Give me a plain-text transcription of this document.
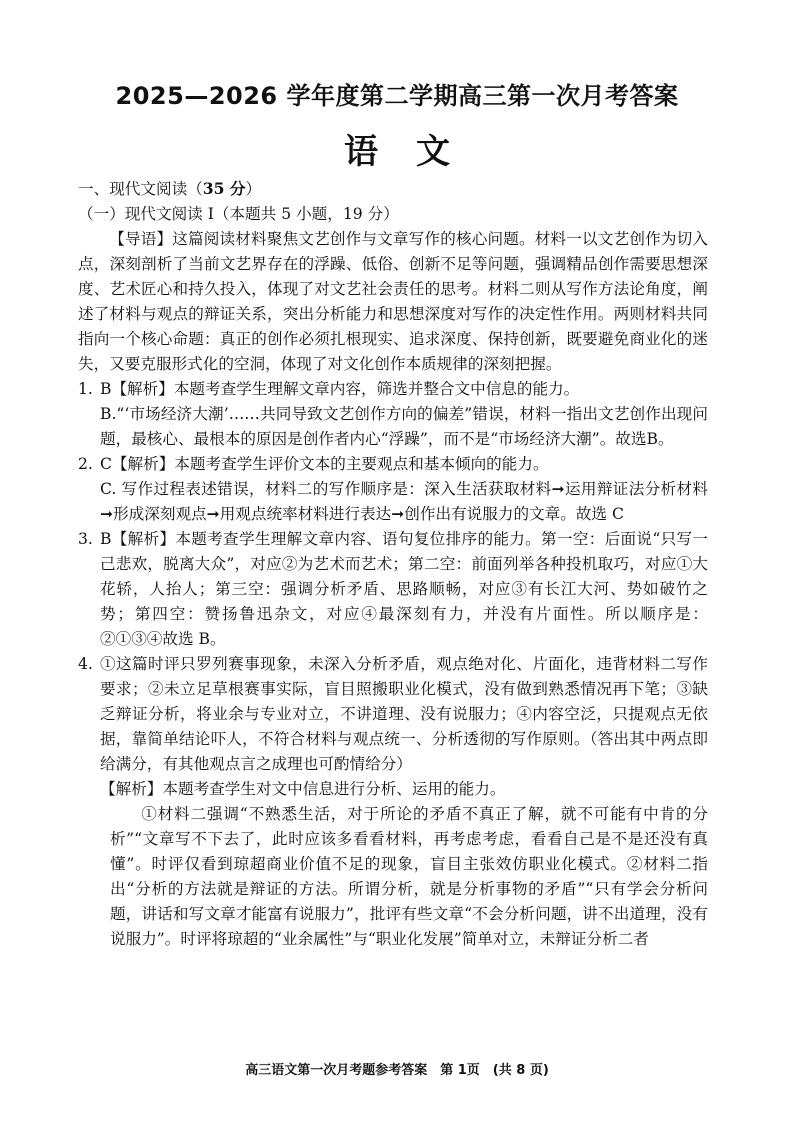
2025—2026 学年度第二学期高三第一次月考答案
语文

一、现代文阅读（35 分）

（一）现代文阅读 I（本题共 5 小题，19 分）

【导语】这篇阅读材料聚焦文艺创作与文章写作的核心问题。材料一以文艺创作为切入点，深刻剖析了当前文艺界存在的浮躁、低俗、创新不足等问题，强调精品创作需要思想深度、艺术匠心和持久投入，体现了对文艺社会责任的思考。材料二则从写作方法论角度，阐述了材料与观点的辩证关系，突出分析能力和思想深度对写作的决定性作用。两则材料共同指向一个核心命题：真正的创作必须扎根现实、追求深度、保持创新，既要避免商业化的迷失，又要克服形式化的空洞，体现了对文化创作本质规律的深刻把握。

1. B【解析】本题考查学生理解文章内容，筛选并整合文中信息的能力。

B.“‘市场经济大潮’……共同导致文艺创作方向的偏差”错误，材料一指出文艺创作出现问题，最核心、最根本的原因是创作者内心“浮躁”，而不是“市场经济大潮”。故选B。

2. C【解析】本题考查学生评价文本的主要观点和基本倾向的能力。

C. 写作过程表述错误，材料二的写作顺序是：深入生活获取材料➞运用辩证法分析材料➞形成深刻观点➞用观点统率材料进行表达➞创作出有说服力的文章。故选 C

3. B【解析】本题考查学生理解文章内容、语句复位排序的能力。第一空：后面说“只写一己悲欢，脱离大众”，对应②为艺术而艺术；第二空：前面列举各种投机取巧，对应①大花轿，人抬人；第三空：强调分析矛盾、思路顺畅，对应③有长江大河、势如破竹之势；第四空：赞扬鲁迅杂文，对应④最深刻有力，并没有片面性。所以顺序是：②①③④故选 B。

4. ①这篇时评只罗列赛事现象，未深入分析矛盾，观点绝对化、片面化，违背材料二写作要求；②未立足草根赛事实际，盲目照搬职业化模式，没有做到熟悉情况再下笔；③缺乏辩证分析，将业余与专业对立，不讲道理、没有说服力；④内容空泛，只提观点无依据，靠简单结论吓人，不符合材料与观点统一、分析透彻的写作原则。（答出其中两点即给满分，有其他观点言之成理也可酌情给分）

【解析】本题考查学生对文中信息进行分析、运用的能力。

①材料二强调“不熟悉生活，对于所论的矛盾不真正了解，就不可能有中肯的分析”“文章写不下去了，此时应该多看看材料，再考虑考虑，看看自己是不是还没有真懂”。时评仅看到琼超商业价值不足的现象，盲目主张效仿职业化模式。②材料二指出“分析的方法就是辩证的方法。所谓分析，就是分析事物的矛盾”“只有学会分析问题，讲话和写文章才能富有说服力”，批评有些文章“不会分析问题，讲不出道理，没有说服力”。时评将琼超的“业余属性”与“职业化发展”简单对立，未辩证分析二者

高三语文第一次月考题参考答案　第 1页　(共 8 页)
